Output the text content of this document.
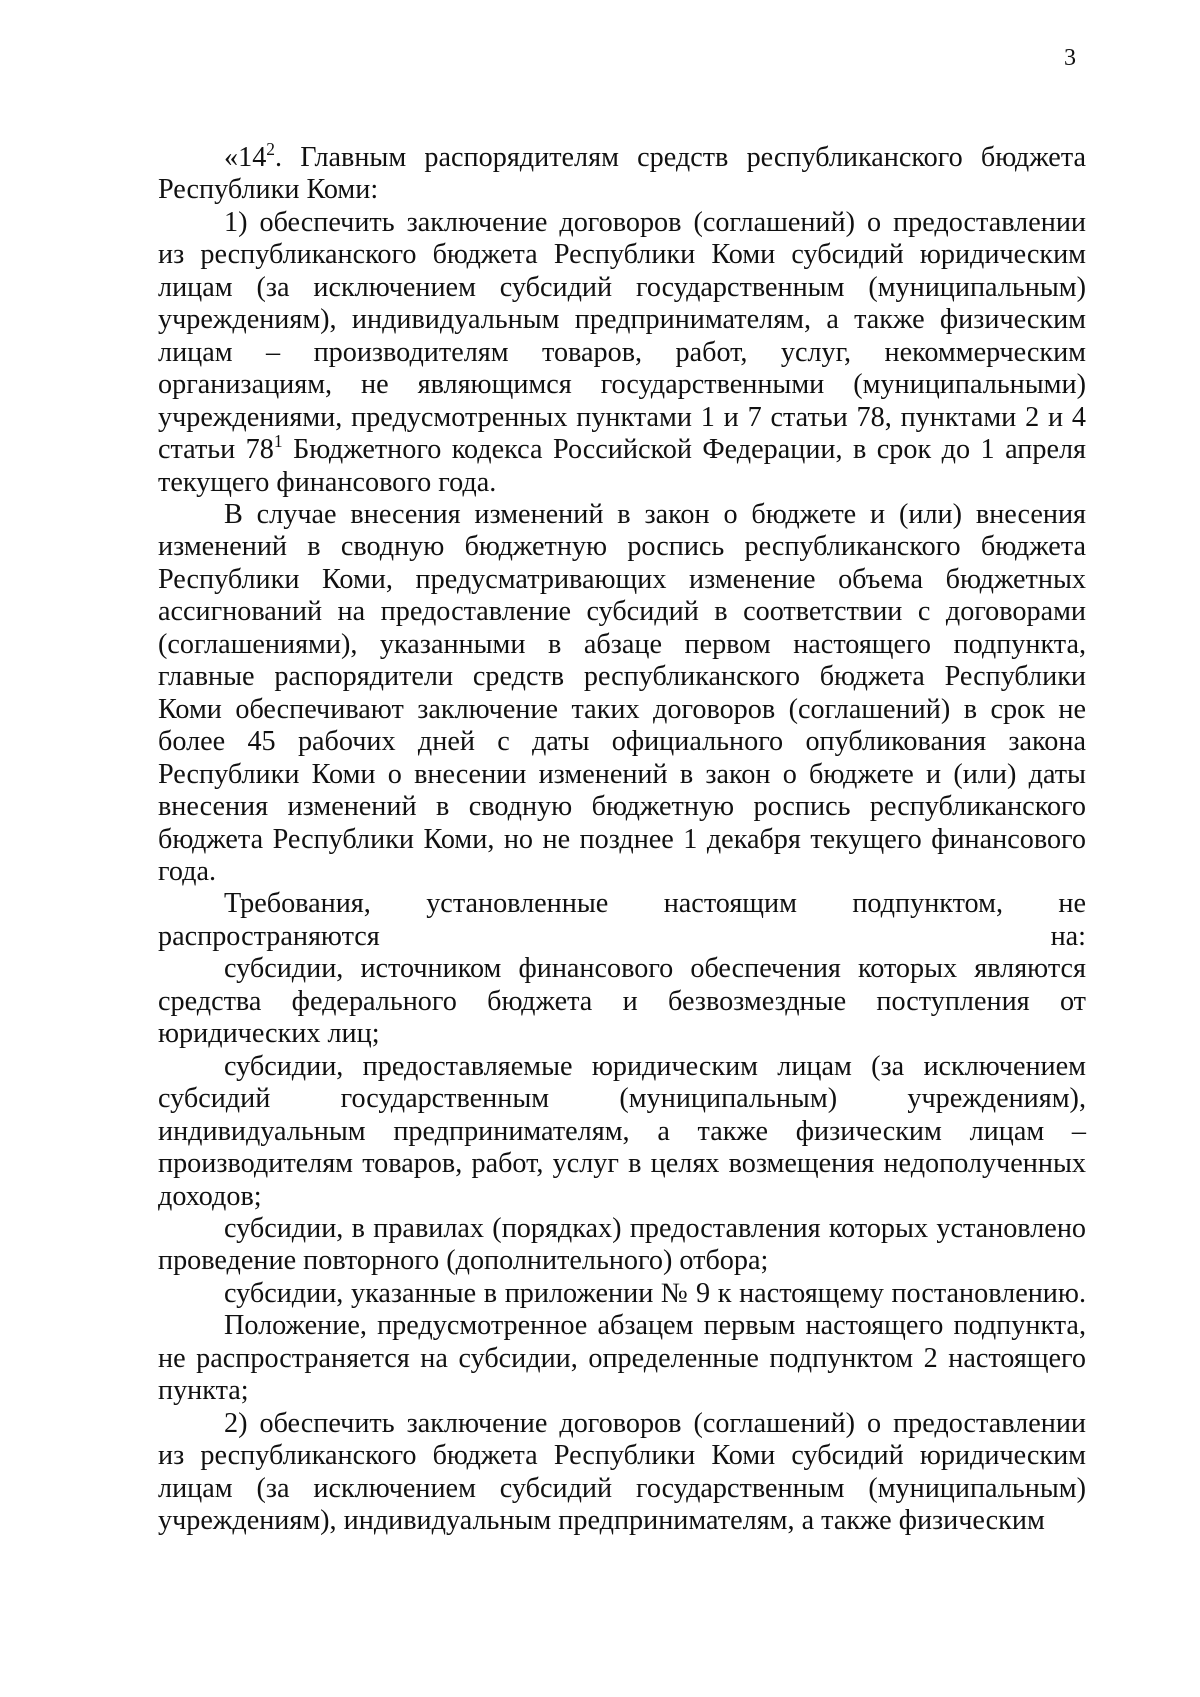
3

«$14^2$. Главным распорядителям средств республиканского бюджета Республики Коми:

1) обеспечить заключение договоров (соглашений) о предоставлении из республиканского бюджета Республики Коми субсидий юридическим лицам (за исключением субсидий государственным (муниципальным) учреждениям), индивидуальным предпринимателям, а также физическим лицам – производителям товаров, работ, услуг, некоммерческим организациям, не являющимся государственными (муниципальными) учреждениями, предусмотренных пунктами 1 и 7 статьи 78, пунктами 2 и 4 статьи $78^1$ Бюджетного кодекса Российской Федерации, в срок до 1 апреля текущего финансового года.

В случае внесения изменений в закон о бюджете и (или) внесения изменений в сводную бюджетную роспись республиканского бюджета Республики Коми, предусматривающих изменение объема бюджетных ассигнований на предоставление субсидий в соответствии с договорами (соглашениями), указанными в абзаце первом настоящего подпункта, главные распорядители средств республиканского бюджета Республики Коми обеспечивают заключение таких договоров (соглашений) в срок не более 45 рабочих дней с даты официального опубликования закона Республики Коми о внесении изменений в закон о бюджете и (или) даты внесения изменений в сводную бюджетную роспись республиканского бюджета Республики Коми, но не позднее 1 декабря текущего финансового года.

Требования, установленные настоящим подпунктом, не распространяются на:

субсидии, источником финансового обеспечения которых являются средства федерального бюджета и безвозмездные поступления от юридических лиц;

субсидии, предоставляемые юридическим лицам (за исключением субсидий государственным (муниципальным) учреждениям), индивидуальным предпринимателям, а также физическим лицам – производителям товаров, работ, услуг в целях возмещения недополученных доходов;

субсидии, в правилах (порядках) предоставления которых установлено проведение повторного (дополнительного) отбора;

субсидии, указанные в приложении № 9 к настоящему постановлению.

Положение, предусмотренное абзацем первым настоящего подпункта, не распространяется на субсидии, определенные подпунктом 2 настоящего пункта;

2) обеспечить заключение договоров (соглашений) о предоставлении из республиканского бюджета Республики Коми субсидий юридическим лицам (за исключением субсидий государственным (муниципальным) учреждениям), индивидуальным предпринимателям, а также физическим
